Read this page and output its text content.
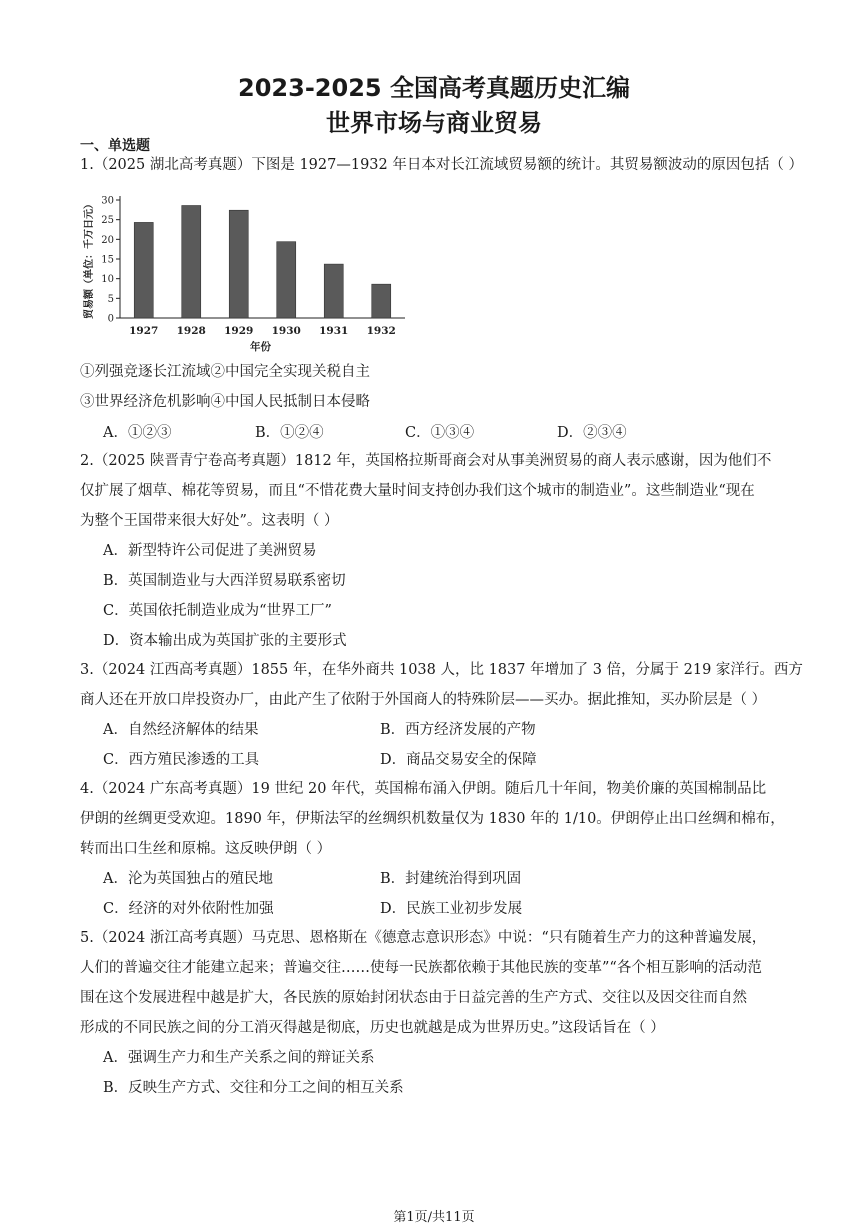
2023-2025 全国高考真题历史汇编
世界市场与商业贸易
一、单选题
1.（2025 湖北高考真题）下图是 1927—1932 年日本对长江流域贸易额的统计。其贸易额波动的原因包括（ ）
0
5
10
15
20
25
30
1927 1928 1929 1930 1931 1932
年份
贸易额（单位：千万日元）
①列强竞逐长江流域②中国完全实现关税自主
③世界经济危机影响④中国人民抵制日本侵略
A．①②③	B．①②④	C．①③④	D．②③④
2.（2025 陕晋青宁卷高考真题）1812 年，英国格拉斯哥商会对从事美洲贸易的商人表示感谢，因为他们不
仅扩展了烟草、棉花等贸易，而且“不惜花费大量时间支持创办我们这个城市的制造业”。这些制造业“现在
为整个王国带来很大好处”。这表明（ ）
A．新型特许公司促进了美洲贸易
B．英国制造业与大西洋贸易联系密切
C．英国依托制造业成为“世界工厂”
D．资本输出成为英国扩张的主要形式
3.（2024 江西高考真题）1855 年，在华外商共 1038 人，比 1837 年增加了 3 倍，分属于 219 家洋行。西方
商人还在开放口岸投资办厂，由此产生了依附于外国商人的特殊阶层——买办。据此推知，买办阶层是（ ）
A．自然经济解体的结果	B．西方经济发展的产物
C．西方殖民渗透的工具	D．商品交易安全的保障
4.（2024 广东高考真题）19 世纪 20 年代，英国棉布涌入伊朗。随后几十年间，物美价廉的英国棉制品比
伊朗的丝绸更受欢迎。1890 年，伊斯法罕的丝绸织机数量仅为 1830 年的 1/10。伊朗停止出口丝绸和棉布，
转而出口生丝和原棉。这反映伊朗（ ）
A．沦为英国独占的殖民地	B．封建统治得到巩固
C．经济的对外依附性加强	D．民族工业初步发展
5.（2024 浙江高考真题）马克思、恩格斯在《德意志意识形态》中说：“只有随着生产力的这种普遍发展，
人们的普遍交往才能建立起来；普遍交往……使每一民族都依赖于其他民族的变革”“各个相互影响的活动范
围在这个发展进程中越是扩大，各民族的原始封闭状态由于日益完善的生产方式、交往以及因交往而自然
形成的不同民族之间的分工消灭得越是彻底，历史也就越是成为世界历史。”这段话旨在（ ）
A．强调生产力和生产关系之间的辩证关系
B．反映生产方式、交往和分工之间的相互关系
第1页/共11页
